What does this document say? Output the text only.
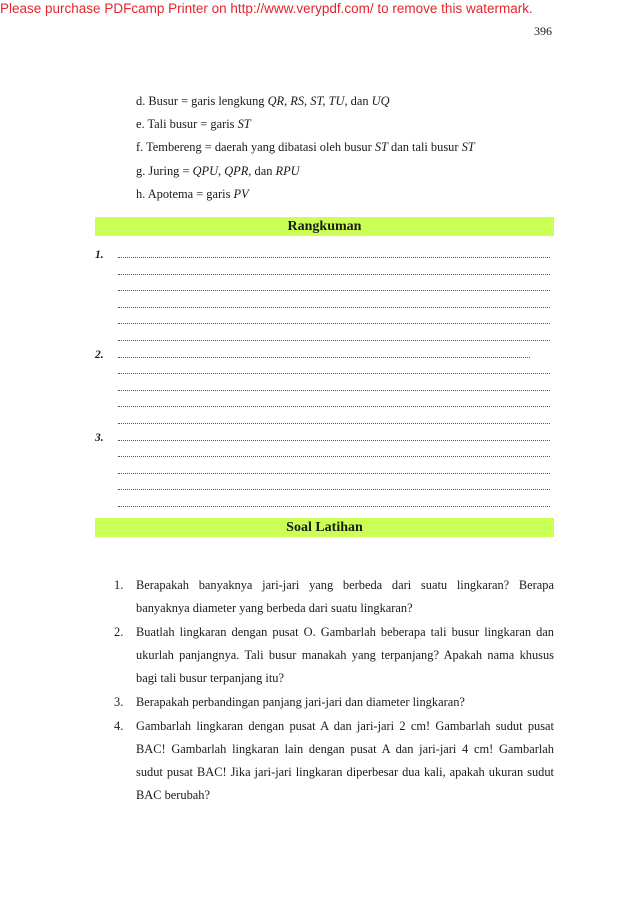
Please purchase PDFcamp Printer on http://www.verypdf.com/ to remove this watermark.
396
d. Busur = garis lengkung QR, RS, ST, TU, dan UQ
e. Tali busur = garis ST
f. Tembereng = daerah yang dibatasi oleh busur ST dan tali busur ST
g. Juring = QPU, QPR, dan RPU
h. Apotema = garis PV
Rangkuman
1.
2.
3.
Soal Latihan
1.	Berapakah banyaknya jari-jari yang berbeda dari suatu lingkaran? Berapa banyaknya diameter yang berbeda dari suatu lingkaran?
2.	Buatlah lingkaran dengan pusat O. Gambarlah beberapa tali busur lingkaran dan ukurlah panjangnya. Tali busur manakah yang terpanjang? Apakah nama khusus bagi tali busur terpanjang itu?
3.	Berapakah perbandingan panjang jari-jari dan diameter lingkaran?
4.	Gambarlah lingkaran dengan pusat A dan jari-jari 2 cm! Gambarlah sudut pusat BAC! Gambarlah lingkaran lain dengan pusat A dan jari-jari 4 cm! Gambarlah sudut pusat BAC! Jika jari-jari lingkaran diperbesar dua kali, apakah ukuran sudut BAC berubah?
